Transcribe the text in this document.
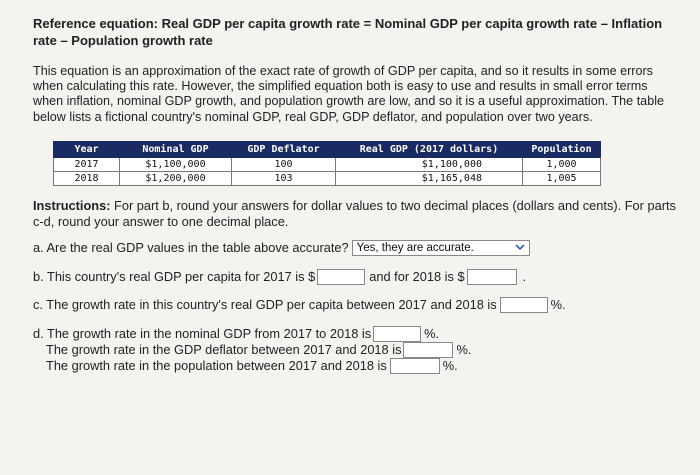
Reference equation: Real GDP per capita growth rate = Nominal GDP per capita growth rate – Inflation rate – Population growth rate
This equation is an approximation of the exact rate of growth of GDP per capita, and so it results in some errors when calculating this rate. However, the simplified equation both is easy to use and results in small error terms when inflation, nominal GDP growth, and population growth are low, and so it is a useful approximation. The table below lists a fictional country's nominal GDP, real GDP, GDP deflator, and population over two years.
Year	Nominal GDP	GDP Deflator	Real GDP (2017 dollars)	Population
2017	$1,100,000	100	$1,100,000	1,000
2018	$1,200,000	103	$1,165,048	1,005
Instructions: For part b, round your answers for dollar values to two decimal places (dollars and cents). For parts c-d, round your answer to one decimal place.
a. Are the real GDP values in the table above accurate? Yes, they are accurate.
b. This country's real GDP per capita for 2017 is $	and for 2018 is $	.
c. The growth rate in this country's real GDP per capita between 2017 and 2018 is	%.
d. The growth rate in the nominal GDP from 2017 to 2018 is	%.
The growth rate in the GDP deflator between 2017 and 2018 is	%.
The growth rate in the population between 2017 and 2018 is	%.
